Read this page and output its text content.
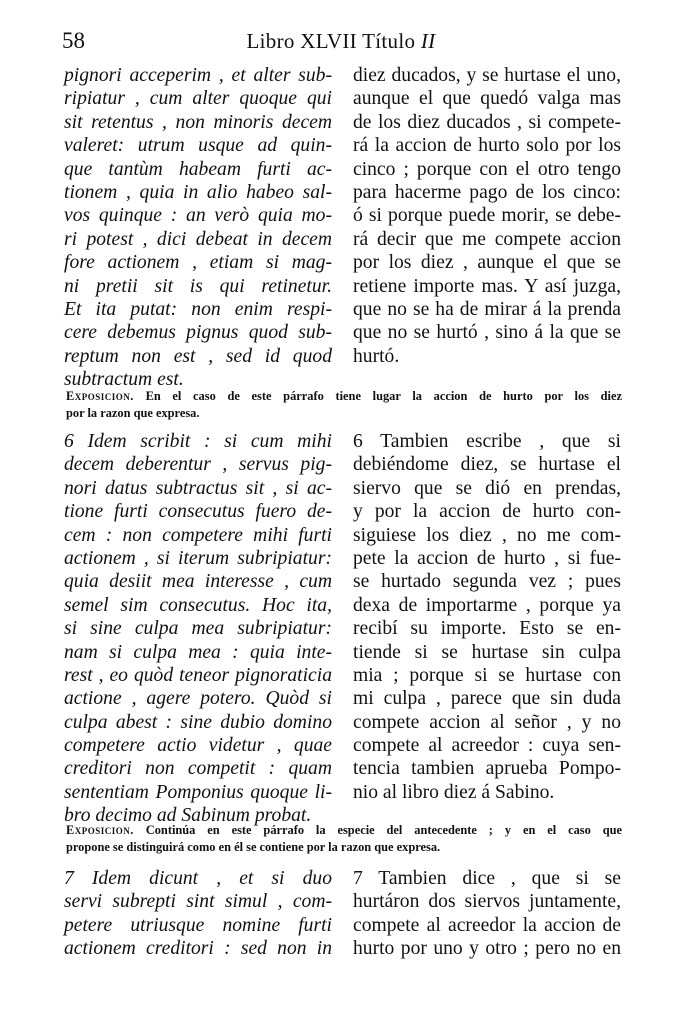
58	Libro XLVII Título II
pignori acceperim , et alter sub-
ripiatur , cum alter quoque qui
sit retentus , non minoris decem
valeret: utrum usque ad quin-
que tantùm habeam furti ac-
tionem , quia in alio habeo sal-
vos quinque : an verò quia mo-
ri potest , dici debeat in decem
fore actionem , etiam si mag-
ni pretii sit is qui retinetur.
Et ita putat: non enim respi-
cere debemus pignus quod sub-
reptum non est , sed id quod
subtractum est.
diez ducados, y se hurtase el uno,
aunque el que quedó valga mas
de los diez ducados , si compete-
rá la accion de hurto solo por los
cinco ; porque con el otro tengo
para hacerme pago de los cinco:
ó si porque puede morir, se debe-
rá decir que me compete accion
por los diez , aunque el que se
retiene importe mas. Y así juzga,
que no se ha de mirar á la prenda
que no se hurtó , sino á la que se
hurtó.
Exposicion. En el caso de este párrafo tiene lugar la accion de hurto por los diez
por la razon que expresa.
6 Idem scribit : si cum mihi
decem deberentur , servus pig-
nori datus subtractus sit , si ac-
tione furti consecutus fuero de-
cem : non competere mihi furti
actionem , si iterum subripiatur:
quia desiit mea interesse , cum
semel sim consecutus. Hoc ita,
si sine culpa mea subripiatur:
nam si culpa mea : quia inte-
rest , eo quòd teneor pignoraticia
actione , agere potero. Quòd si
culpa abest : sine dubio domino
competere actio videtur , quae
creditori non competit : quam
sententiam Pomponius quoque li-
bro decimo ad Sabinum probat.
6 Tambien escribe , que si
debiéndome diez, se hurtase el
siervo que se dió en prendas,
y por la accion de hurto con-
siguiese los diez , no me com-
pete la accion de hurto , si fue-
se hurtado segunda vez ; pues
dexa de importarme , porque ya
recibí su importe. Esto se en-
tiende si se hurtase sin culpa
mia ; porque si se hurtase con
mi culpa , parece que sin duda
compete accion al señor , y no
compete al acreedor : cuya sen-
tencia tambien aprueba Pompo-
nio al libro diez á Sabino.
Exposicion. Continúa en este párrafo la especie del antecedente ; y en el caso que
propone se distinguirá como en él se contiene por la razon que expresa.
7 Idem dicunt , et si duo
servi subrepti sint simul , com-
petere utriusque nomine furti
actionem creditori : sed non in
7 Tambien dice , que si se
hurtáron dos siervos juntamente,
compete al acreedor la accion de
hurto por uno y otro ; pero no en
